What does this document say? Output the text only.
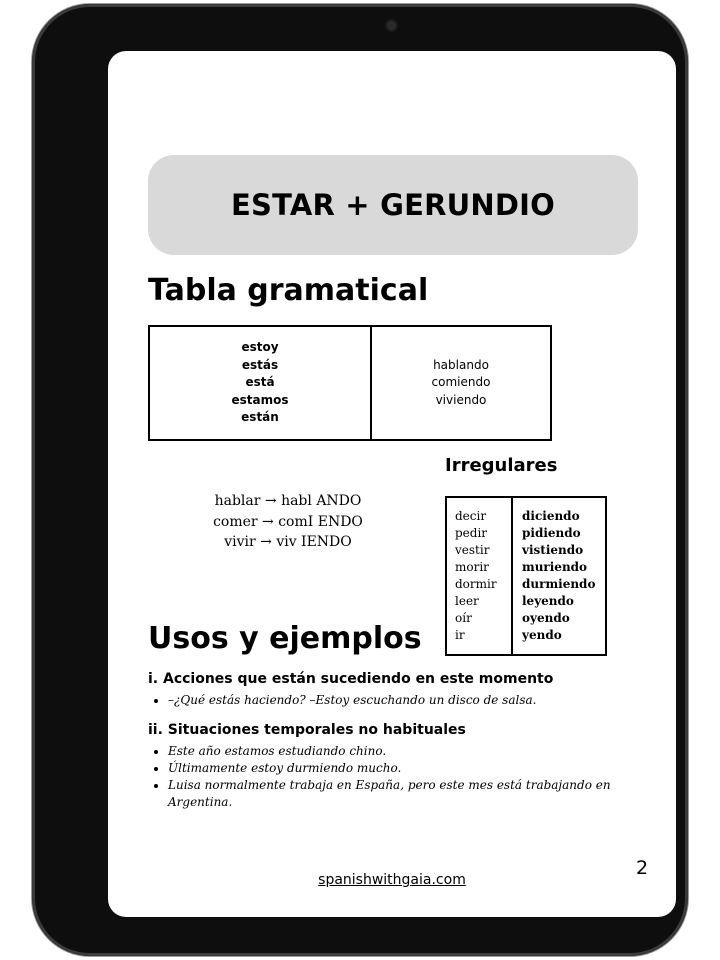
ESTAR + GERUNDIO
Tabla gramatical
estoy
estás
está
estamos
están
hablando
comiendo
viviendo
Irregulares
hablar → habl ANDO
comer → comI ENDO
vivir → viv IENDO
decir
pedir
vestir
morir
dormir
leer
oír
ir
diciendo
pidiendo
vistiendo
muriendo
durmiendo
leyendo
oyendo
yendo
Usos y ejemplos
i. Acciones que están sucediendo en este momento
• –¿Qué estás haciendo? –Estoy escuchando un disco de salsa.
ii. Situaciones temporales no habituales
• Este año estamos estudiando chino.
• Últimamente estoy durmiendo mucho.
• Luisa normalmente trabaja en España, pero este mes está trabajando en Argentina.
spanishwithgaia.com
2
